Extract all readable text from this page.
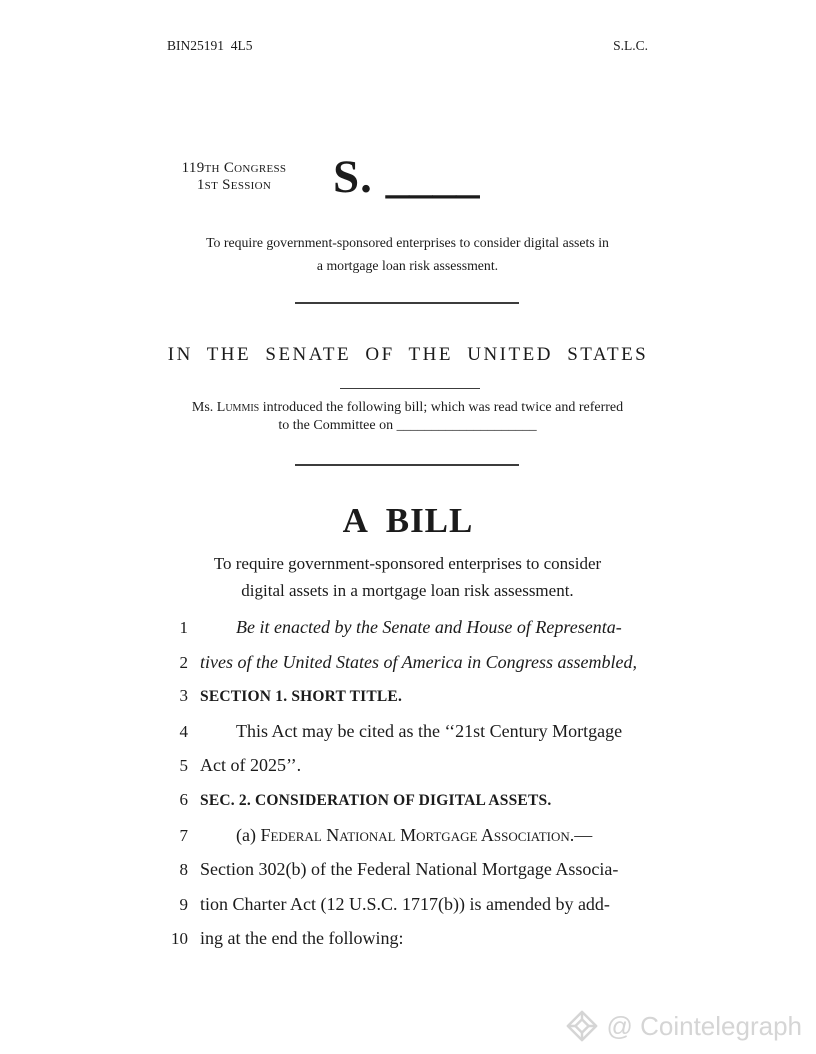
BIN25191  4L5	S.L.C.
119th Congress
1st Session	S. ____
To require government-sponsored enterprises to consider digital assets in
a mortgage loan risk assessment.
IN THE SENATE OF THE UNITED STATES
Ms. Lummis introduced the following bill; which was read twice and referred
to the Committee on ____________________
A BILL
To require government-sponsored enterprises to consider
digital assets in a mortgage loan risk assessment.
1	Be it enacted by the Senate and House of Representa-
2 tives of the United States of America in Congress assembled,
3 SECTION 1. SHORT TITLE.
4	This Act may be cited as the ‘‘21st Century Mortgage
5 Act of 2025’’.
6 SEC. 2. CONSIDERATION OF DIGITAL ASSETS.
7	(a) Federal National Mortgage Association.—
8 Section 302(b) of the Federal National Mortgage Associa-
9 tion Charter Act (12 U.S.C. 1717(b)) is amended by add-
10 ing at the end the following:
@ Cointelegraph
